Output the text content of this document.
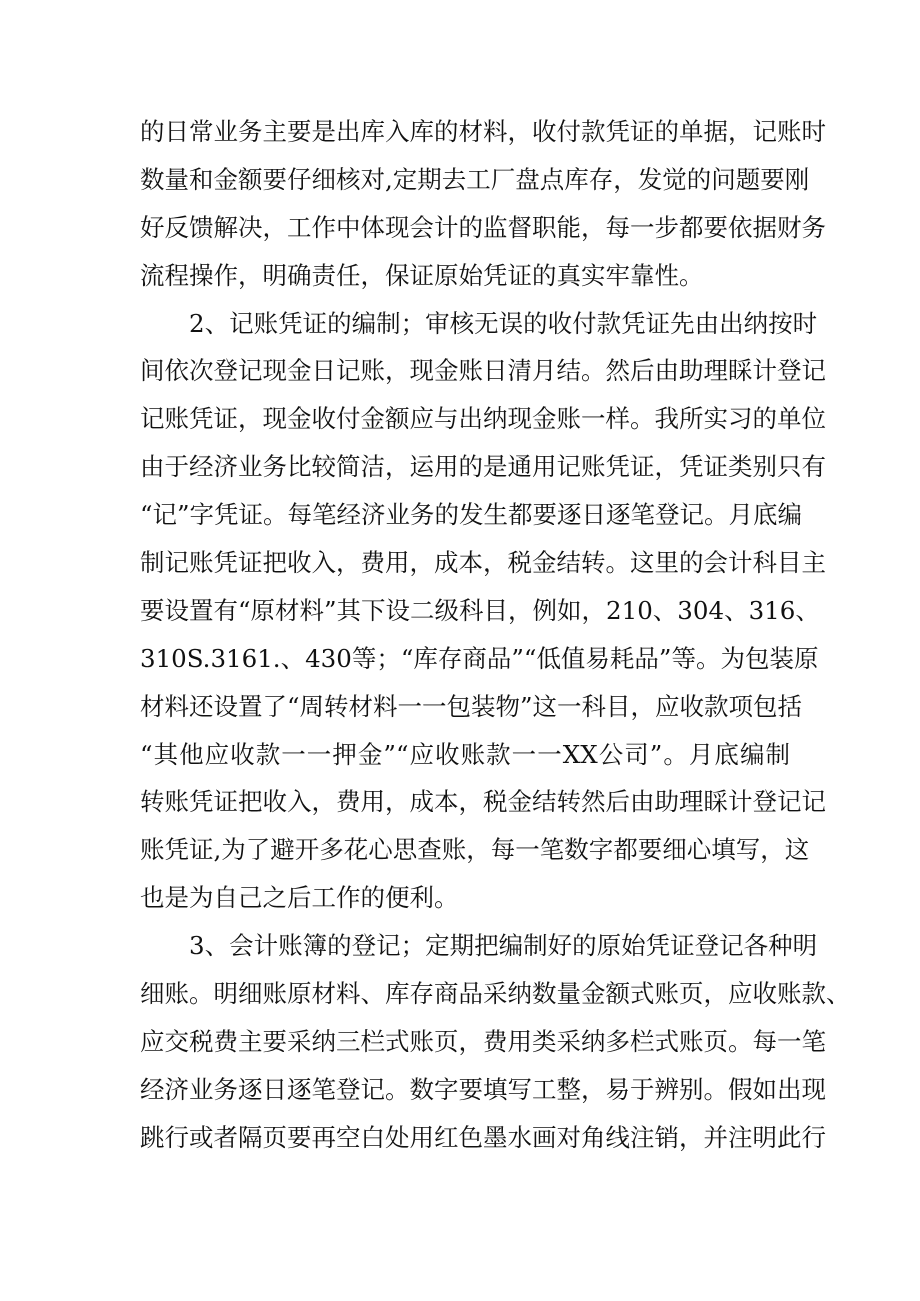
的日常业务主要是出库入库的材料，收付款凭证的单据，记账时
数量和金额要仔细核对,定期去工厂盘点库存，发觉的问题要刚
好反馈解决，工作中体现会计的监督职能，每一步都要依据财务
流程操作，明确责任，保证原始凭证的真实牢靠性。
2、记账凭证的编制；审核无误的收付款凭证先由出纳按时
间依次登记现金日记账，现金账日清月结。然后由助理睬计登记
记账凭证，现金收付金额应与出纳现金账一样。我所实习的单位
由于经济业务比较简洁，运用的是通用记账凭证，凭证类别只有
“记”字凭证。每笔经济业务的发生都要逐日逐笔登记。月底编
制记账凭证把收入，费用，成本，税金结转。这里的会计科目主
要设置有“原材料”其下设二级科目，例如，210、304、316、
310S.3161.、430等；“库存商品”“低值易耗品”等。为包装原
材料还设置了“周转材料一一包装物”这一科目，应收款项包括
“其他应收款一一押金”“应收账款一一XX公司”。月底编制
转账凭证把收入，费用，成本，税金结转然后由助理睬计登记记
账凭证,为了避开多花心思查账，每一笔数字都要细心填写，这
也是为自己之后工作的便利。
3、会计账簿的登记；定期把编制好的原始凭证登记各种明
细账。明细账原材料、库存商品采纳数量金额式账页，应收账款、
应交税费主要采纳三栏式账页，费用类采纳多栏式账页。每一笔
经济业务逐日逐笔登记。数字要填写工整，易于辨别。假如出现
跳行或者隔页要再空白处用红色墨水画对角线注销，并注明此行
